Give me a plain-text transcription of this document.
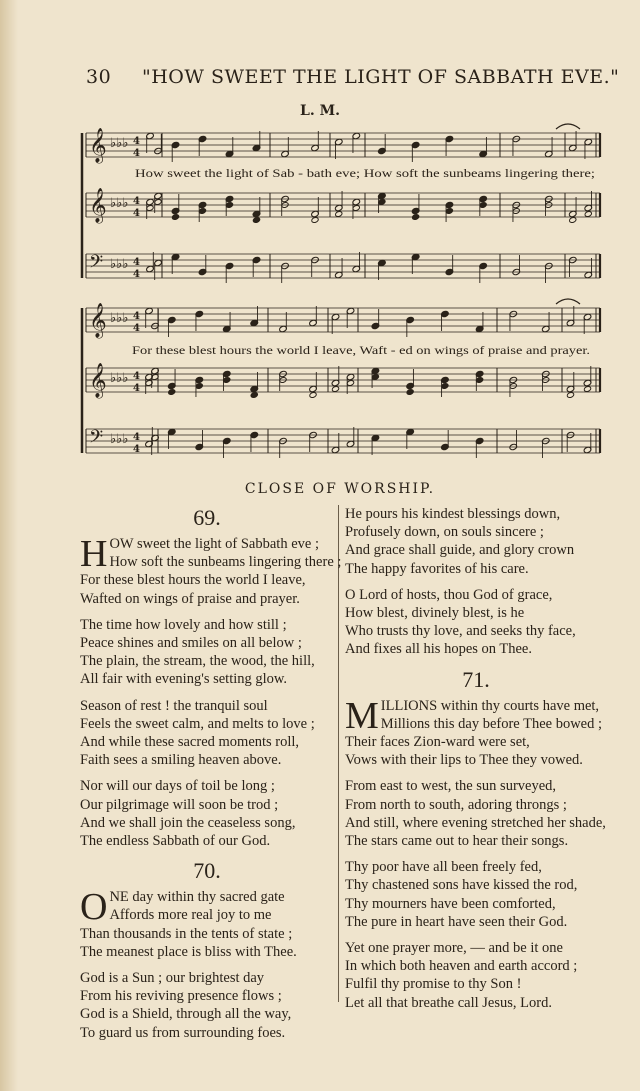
30 "HOW SWEET THE LIGHT OF SABBATH EVE."
L. M.
How sweet the light of Sab - bath eve; How soft the sunbeams lingering there;
For these blest hours the world I leave, Waft - ed on wings of praise and prayer.
𝄞 ♭♭♭ 4
4
𝄞 ♭♭♭ 4
4
𝄢 ♭♭♭ 4
4
𝄞 ♭♭♭ 4
4
𝄞 ♭♭♭ 4
4
𝄢 ♭♭♭ 4
4
CLOSE OF WORSHIP.
69.
H OW sweet the light of Sabbath eve ;
How soft the sunbeams lingering there ;
For these blest hours the world I leave,
Wafted on wings of praise and prayer.
The time how lovely and how still ;
Peace shines and smiles on all below ;
The plain, the stream, the wood, the hill,
All fair with evening's setting glow.
Season of rest ! the tranquil soul
Feels the sweet calm, and melts to love ;
And while these sacred moments roll,
Faith sees a smiling heaven above.
Nor will our days of toil be long ;
Our pilgrimage will soon be trod ;
And we shall join the ceaseless song,
The endless Sabbath of our God.
70.
O NE day within thy sacred gate
Affords more real joy to me
Than thousands in the tents of state ;
The meanest place is bliss with Thee.
God is a Sun ; our brightest day
From his reviving presence flows ;
God is a Shield, through all the way,
To guard us from surrounding foes.
He pours his kindest blessings down,
Profusely down, on souls sincere ;
And grace shall guide, and glory crown
The happy favorites of his care.
O Lord of hosts, thou God of grace,
How blest, divinely blest, is he
Who trusts thy love, and seeks thy face,
And fixes all his hopes on Thee.
71.
M ILLIONS within thy courts have met,
Millions this day before Thee bowed ;
Their faces Zion-ward were set,
Vows with their lips to Thee they vowed.
From east to west, the sun surveyed,
From north to south, adoring throngs ;
And still, where evening stretched her shade,
The stars came out to hear their songs.
Thy poor have all been freely fed,
Thy chastened sons have kissed the rod,
Thy mourners have been comforted,
The pure in heart have seen their God.
Yet one prayer more, — and be it one
In which both heaven and earth accord ;
Fulfil thy promise to thy Son !
Let all that breathe call Jesus, Lord.
